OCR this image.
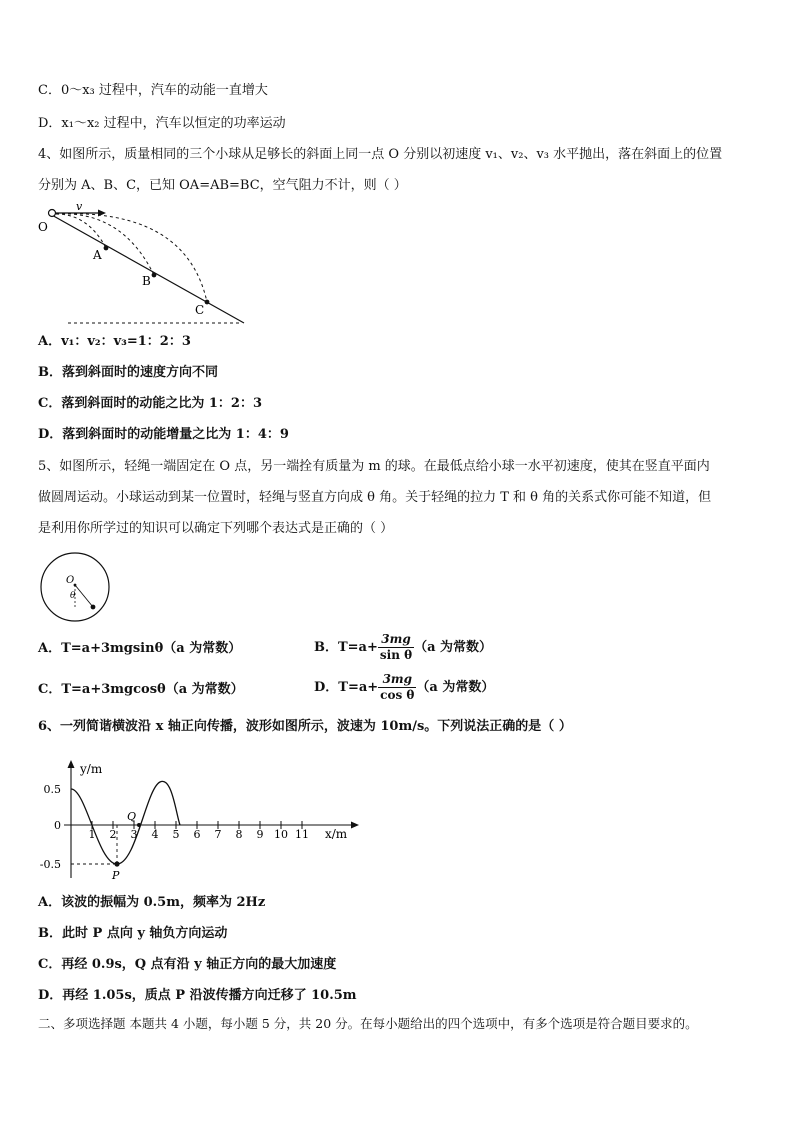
C．0～x₃ 过程中，汽车的动能一直增大
D．x₁～x₂ 过程中，汽车以恒定的功率运动
4、如图所示，质量相同的三个小球从足够长的斜面上同一点 O 分别以初速度 v₁、v₂、v₃ 水平抛出，落在斜面上的位置
分别为 A、B、C，已知 OA=AB=BC，空气阻力不计，则（ ）
O
v
A
B
C
A．v₁：v₂：v₃=1：2：3
B．落到斜面时的速度方向不同
C．落到斜面时的动能之比为 1：2：3
D．落到斜面时的动能增量之比为 1：4：9
5、如图所示，轻绳一端固定在 O 点，另一端拴有质量为 m 的球。在最低点给小球一水平初速度，使其在竖直平面内
做圆周运动。小球运动到某一位置时，轻绳与竖直方向成 θ 角。关于轻绳的拉力 T 和 θ 角的关系式你可能不知道，但
是利用你所学过的知识可以确定下列哪个表达式是正确的（ ）
O
θ
A．T=a+3mgsinθ（a 为常数）	B．$T=a+ \frac{3mg}{\text{sin θ}} (a$ 为常数）
C．T=a+3mgcosθ（a 为常数）	D．$T=a+ \frac{3mg}{\text{cos θ}} (a$ 为常数）
6、一列简谐横波沿 x 轴正向传播，波形如图所示，波速为 10m/s。下列说法正确的是（ ）
y/m
x/m
0
0.5
-0.5
1 2 3 4 5 6 7 8 9 10 11
P
Q
A．该波的振幅为 0.5m，频率为 2Hz
B．此时 P 点向 y 轴负方向运动
C．再经 0.9s，Q 点有沿 y 轴正方向的最大加速度
D．再经 1.05s，质点 P 沿波传播方向迁移了 10.5m
二、多项选择题 本题共 4 小题，每小题 5 分，共 20 分。在每小题给出的四个选项中，有多个选项是符合题目要求的。
